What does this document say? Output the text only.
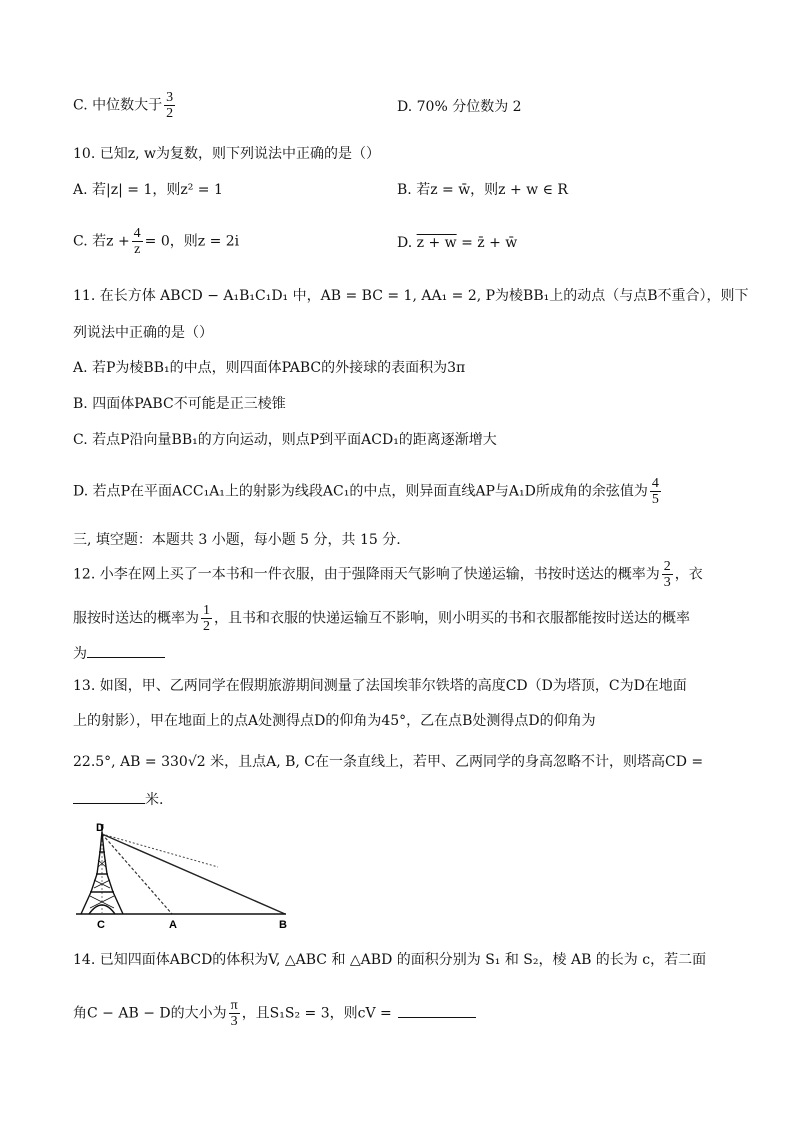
C. 中位数大于 $\frac{3}{2}$	D. 70% 分位数为 2
10. 已知z, w为复数，则下列说法中正确的是（）
A. 若|z| = 1，则z² = 1	B. 若z = w̄，则z + w ∈ R
C. 若$z + \frac{4}{z} = 0$，则z = 2i	D. z + w = z̄ + w̄
11. 在长方体 ABCD − A₁B₁C₁D₁ 中，AB = BC = 1, AA₁ = 2, P为棱BB₁上的动点（与点B不重合），则下
列说法中正确的是（）
A. 若P为棱BB₁的中点，则四面体PABC的外接球的表面积为3π
B. 四面体PABC不可能是正三棱锥
C. 若点P沿向量BB₁的方向运动，则点P到平面ACD₁的距离逐渐增大
D. 若点P在平面ACC₁A₁上的射影为线段AC₁的中点，则异面直线AP与A₁D所成角的余弦值为 $\frac{4}{5}$
三, 填空题：本题共 3 小题，每小题 5 分，共 15 分.
12. 小李在网上买了一本书和一件衣服，由于强降雨天气影响了快递运输，书按时送达的概率为 $\frac{2}{3}$ ，衣
服按时送达的概率为 $\frac{1}{2}$ ，且书和衣服的快递运输互不影响，则小明买的书和衣服都能按时送达的概率
为
13. 如图，甲、乙两同学在假期旅游期间测量了法国埃菲尔铁塔的高度CD（D为塔顶，C为D在地面
上的射影），甲在地面上的点A处测得点D的仰角为45°，乙在点B处测得点D的仰角为
22.5°, AB = 330√2 米，且点A, B, C在一条直线上，若甲、乙两同学的身高忽略不计，则塔高CD =
米.
D
C	A	B
14. 已知四面体ABCD的体积为V, △ABC 和 △ABD 的面积分别为 S₁ 和 S₂，棱 AB 的长为 c，若二面
角C − AB − D的大小为 $\frac{\pi}{3}$ ，且S₁S₂ = 3，则cV =
